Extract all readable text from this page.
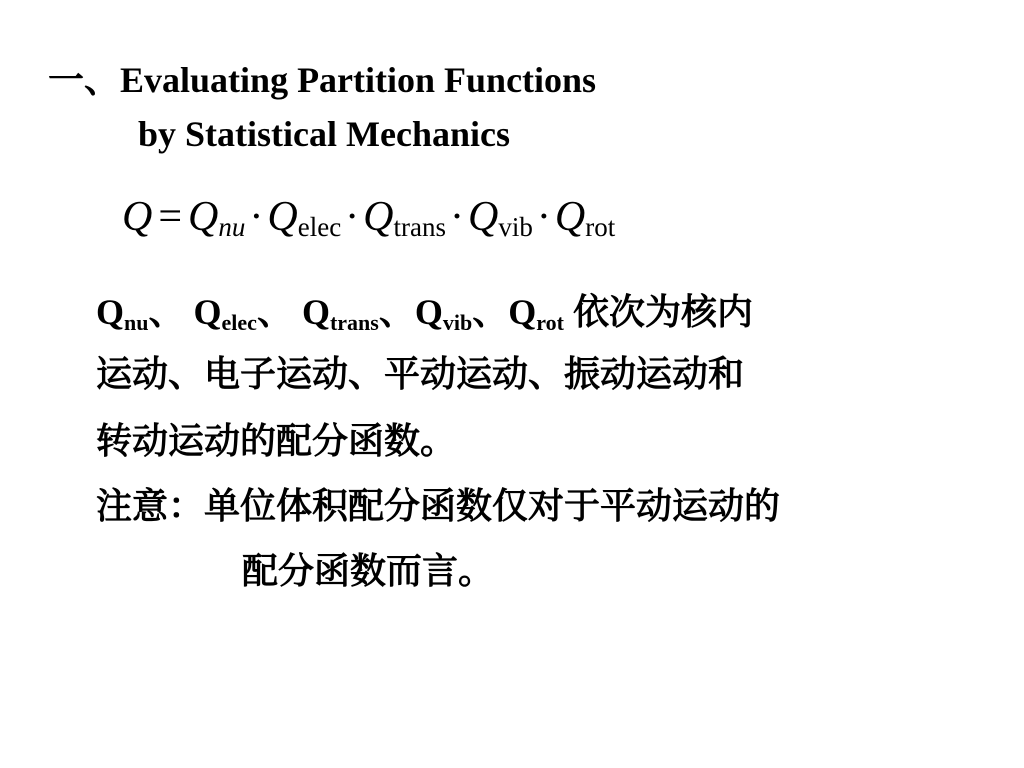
一、Evaluating Partition Functions
by Statistical Mechanics
$Q = Q_{nu}\cdot Q_{elec}\cdot Q_{trans}\cdot Q_{vib}\cdot Q_{rot}$
$Q_{nu}$、 $Q_{elec}$、 $Q_{trans}$、$Q_{vib}$、$Q_{rot}$ 依次为核内
运动、电子运动、平动运动、振动运动和
转动运动的配分函数。
注意：单位体积配分函数仅对于平动运动的
配分函数而言。
